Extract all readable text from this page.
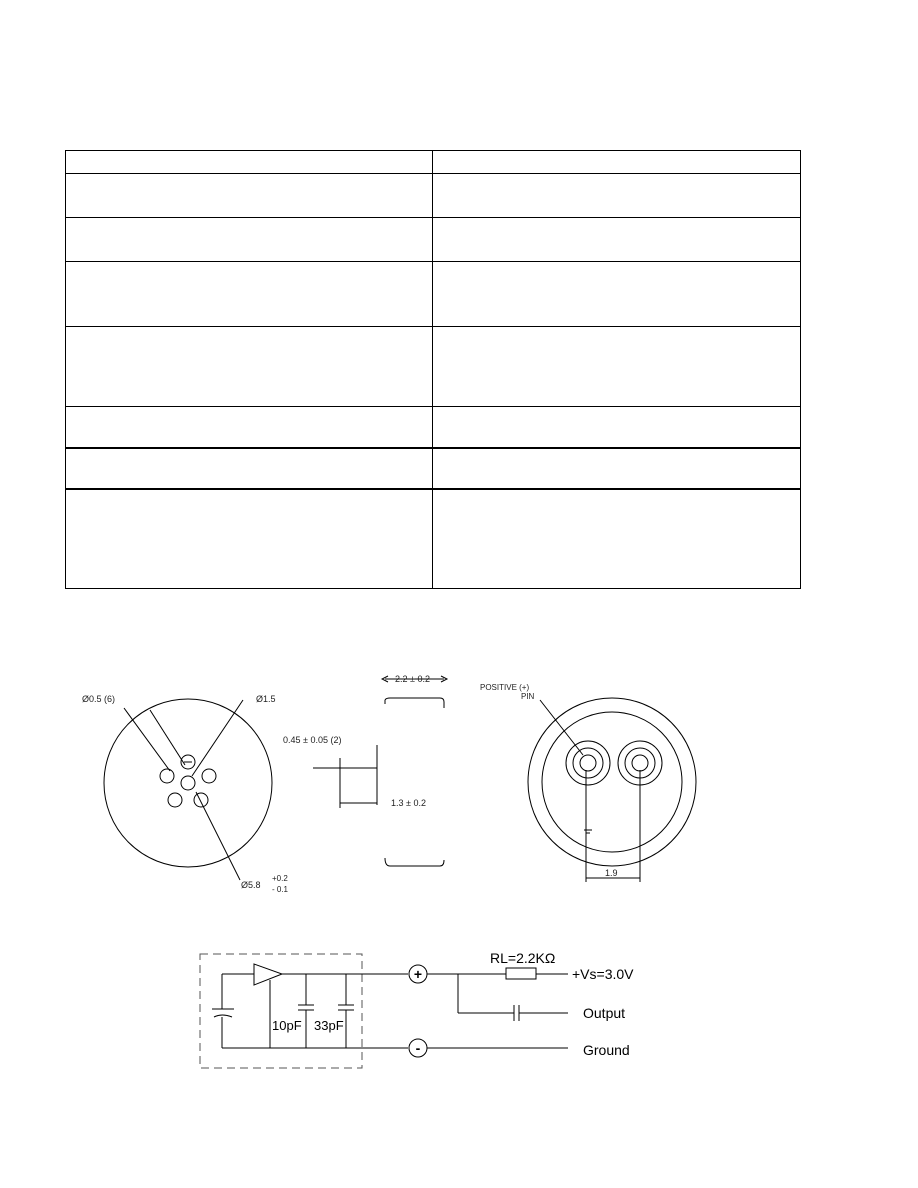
Ø0.5 (6)	Ø1.5
Ø5.8
+0.2
- 0.1
2.2 ± 0.2
0.45 ± 0.05 (2)
1.3 ± 0.2
POSITIVE (+)
PIN
1.9
+
-
10pF 33pF
RL=2.2KΩ
+Vs=3.0V
Output
Ground
